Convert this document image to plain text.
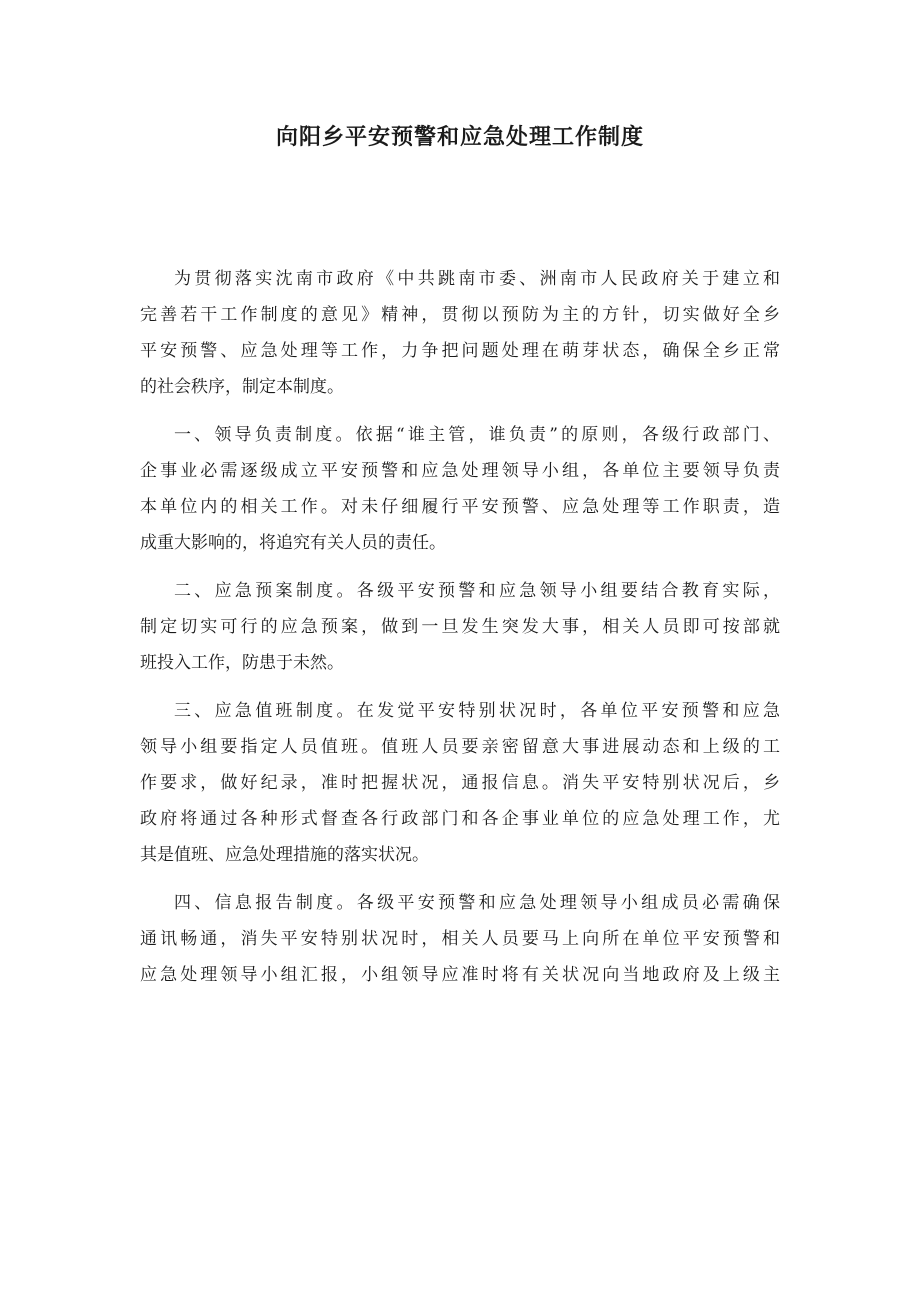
向阳乡平安预警和应急处理工作制度

为贯彻落实沈南市政府《中共跳南市委、洲南市人民政府关于建立和
完善若干工作制度的意见》精神，贯彻以预防为主的方针，切实做好全乡
平安预警、应急处理等工作，力争把问题处理在萌芽状态，确保全乡正常
的社会秩序，制定本制度。

一、领导负责制度。依据“谁主管，谁负责”的原则，各级行政部门、
企事业必需逐级成立平安预警和应急处理领导小组，各单位主要领导负责
本单位内的相关工作。对未仔细履行平安预警、应急处理等工作职责，造
成重大影响的，将追究有关人员的责任。

二、应急预案制度。各级平安预警和应急领导小组要结合教育实际，
制定切实可行的应急预案，做到一旦发生突发大事，相关人员即可按部就
班投入工作，防患于未然。

三、应急值班制度。在发觉平安特别状况时，各单位平安预警和应急
领导小组要指定人员值班。值班人员要亲密留意大事进展动态和上级的工
作要求，做好纪录，准时把握状况，通报信息。消失平安特别状况后，乡
政府将通过各种形式督查各行政部门和各企事业单位的应急处理工作，尤
其是值班、应急处理措施的落实状况。

四、信息报告制度。各级平安预警和应急处理领导小组成员必需确保
通讯畅通，消失平安特别状况时，相关人员要马上向所在单位平安预警和
应急处理领导小组汇报，小组领导应准时将有关状况向当地政府及上级主
